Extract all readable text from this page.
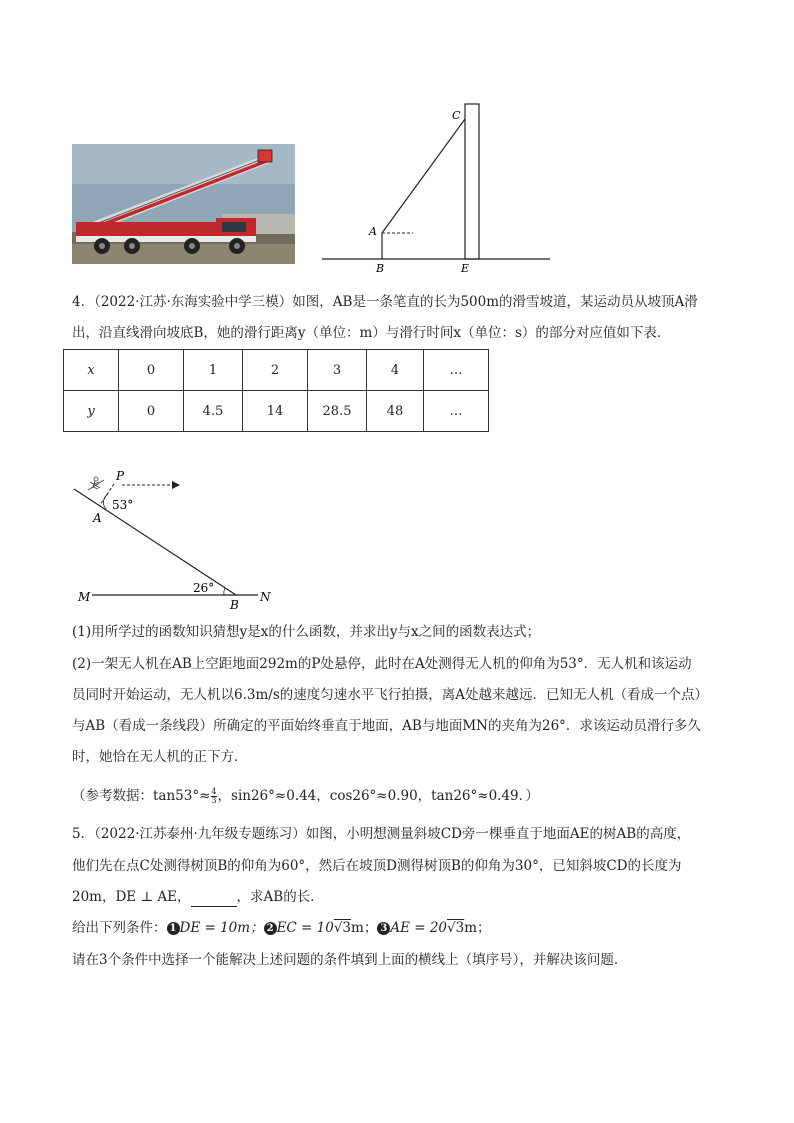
C
A
B	E
4．（2022·江苏·东海实验中学三模）如图，AB是一条笔直的长为500m的滑雪坡道，某运动员从坡顶A滑
出，沿直线滑向坡底B，她的滑行距离y（单位：m）与滑行时间x（单位：s）的部分对应值如下表．
x	0	1	2	3	4	…
y	0	4.5	14	28.5	48	…
P
53°
A
26°
M
B
N
(1)用所学过的函数知识猜想y是x的什么函数，并求出y与x之间的函数表达式；
(2)一架无人机在AB上空距地面292m的P处悬停，此时在A处测得无人机的仰角为53°．无人机和该运动
员同时开始运动，无人机以6.3m/s的速度匀速水平飞行拍摄，离A处越来越远．已知无人机（看成一个点）
与AB（看成一条线段）所确定的平面始终垂直于地面，AB与地面MN的夹角为26°．求该运动员滑行多久
时，她恰在无人机的正下方．
（参考数据：$\tan 53^\circ\approx \frac{4}{3}$ ，sin26°≈0.44，cos26°≈0.90，tan26°≈0.49．）
5．（2022·江苏泰州·九年级专题练习）如图，小明想测量斜坡CD旁一棵垂直于地面AE的树AB的高度，
他们先在点C处测得树顶B的仰角为60°，然后在坡顶D测得树顶B的仰角为30°，已知斜坡CD的长度为
20m，DE ⊥ AE，	，求AB的长．
给出下列条件： 1 DE = 10m； 2 EC = 10√3m； 3 AE = 20√3m；
请在3个条件中选择一个能解决上述问题的条件填到上面的横线上（填序号），并解决该问题．
